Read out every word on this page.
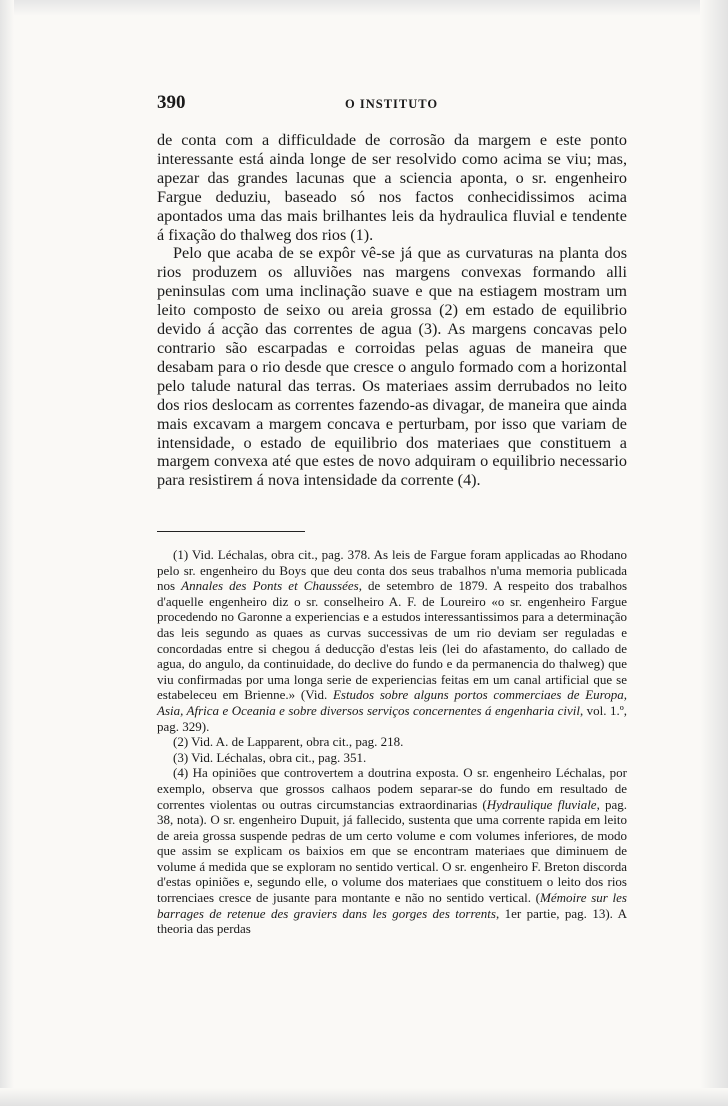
390	O INSTITUTO

de conta com a difficuldade de corrosão da margem e este ponto interessante está ainda longe de ser resolvido como acima se viu; mas, apezar das grandes lacunas que a sciencia aponta, o sr. engenheiro Fargue deduziu, baseado só nos factos conhecidissimos acima apontados uma das mais brilhantes leis da hydraulica fluvial e tendente á fixação do thalweg dos rios (1).

Pelo que acaba de se expôr vê-se já que as curvaturas na planta dos rios produzem os alluviões nas margens convexas formando alli peninsulas com uma inclinação suave e que na estiagem mostram um leito composto de seixo ou areia grossa (2) em estado de equilibrio devido á acção das correntes de agua (3). As margens concavas pelo contrario são escarpadas e corroidas pelas aguas de maneira que desabam para o rio desde que cresce o angulo formado com a horizontal pelo talude natural das terras. Os materiaes assim derrubados no leito dos rios deslocam as correntes fazendo-as divagar, de maneira que ainda mais excavam a margem concava e perturbam, por isso que variam de intensidade, o estado de equilibrio dos materiaes que constituem a margem convexa até que estes de novo adquiram o equilibrio necessario para resistirem á nova intensidade da corrente (4).

(1) Vid. Léchalas, obra cit., pag. 378. As leis de Fargue foram applicadas ao Rhodano pelo sr. engenheiro du Boys que deu conta dos seus trabalhos n'uma memoria publicada nos Annales des Ponts et Chaussées, de setembro de 1879. A respeito dos trabalhos d'aquelle engenheiro diz o sr. conselheiro A. F. de Loureiro «o sr. engenheiro Fargue procedendo no Garonne a experiencias e a estudos interessantissimos para a determinação das leis segundo as quaes as curvas successivas de um rio deviam ser reguladas e concordadas entre si chegou á deducção d'estas leis (lei do afastamento, do callado de agua, do angulo, da continuidade, do declive do fundo e da permanencia do thalweg) que viu confirmadas por uma longa serie de experiencias feitas em um canal artificial que se estabeleceu em Brienne.» (Vid. Estudos sobre alguns portos commerciaes de Europa, Asia, Africa e Oceania e sobre diversos serviços concernentes á engenharia civil, vol. 1.º, pag. 329).

(2) Vid. A. de Lapparent, obra cit., pag. 218.

(3) Vid. Léchalas, obra cit., pag. 351.

(4) Ha opiniões que controvertem a doutrina exposta. O sr. engenheiro Léchalas, por exemplo, observa que grossos calhaos podem separar-se do fundo em resultado de correntes violentas ou outras circumstancias extraordinarias (Hydraulique fluviale, pag. 38, nota). O sr. engenheiro Dupuit, já fallecido, sustenta que uma corrente rapida em leito de areia grossa suspende pedras de um certo volume e com volumes inferiores, de modo que assim se explicam os baixios em que se encontram materiaes que diminuem de volume á medida que se exploram no sentido vertical. O sr. engenheiro F. Breton discorda d'estas opiniões e, segundo elle, o volume dos materiaes que constituem o leito dos rios torrenciaes cresce de jusante para montante e não no sentido vertical. (Mémoire sur les barrages de retenue des graviers dans les gorges des torrents, 1er partie, pag. 13). A theoria das perdas
